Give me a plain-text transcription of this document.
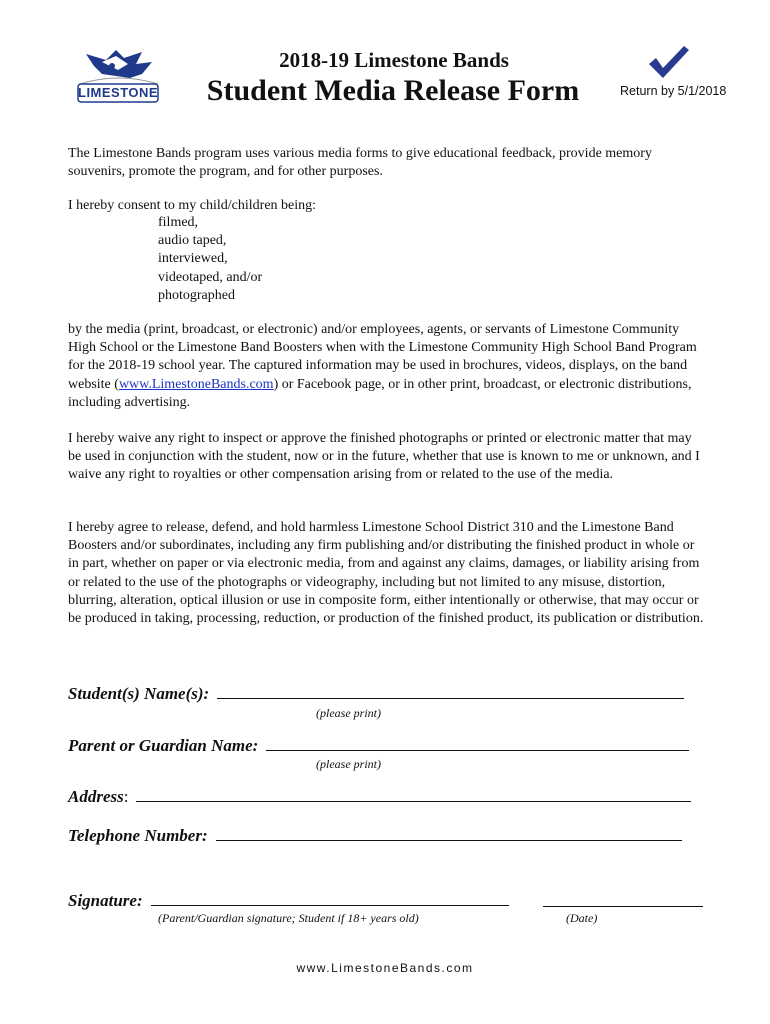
LIMESTONE
2018-19 Limestone Bands
Student Media Release Form	Return by 5/1/2018
The Limestone Bands program uses various media forms to give educational feedback, provide memory souvenirs, promote the program, and for other purposes.
I hereby consent to my child/children being:
filmed,
audio taped,
interviewed,
videotaped, and/or
photographed
by the media (print, broadcast, or electronic) and/or employees, agents, or servants of Limestone Community High School or the Limestone Band Boosters when with the Limestone Community High School Band Program for the 2018-19 school year. The captured information may be used in brochures, videos, displays, on the band website (www.LimestoneBands.com) or Facebook page, or in other print, broadcast, or electronic distributions, including advertising.
I hereby waive any right to inspect or approve the finished photographs or printed or electronic matter that may be used in conjunction with the student, now or in the future, whether that use is known to me or unknown, and I waive any right to royalties or other compensation arising from or related to the use of the media.
I hereby agree to release, defend, and hold harmless Limestone School District 310 and the Limestone Band Boosters and/or subordinates, including any firm publishing and/or distributing the finished product in whole or in part, whether on paper or via electronic media, from and against any claims, damages, or liability arising from or related to the use of the photographs or videography, including but not limited to any misuse, distortion, blurring, alteration, optical illusion or use in composite form, either intentionally or otherwise, that may occur or be produced in taking, processing, reduction, or production of the finished product, its publication or distribution.
Student(s) Name(s):
(please print)
Parent or Guardian Name:
(please print)
Address:
Telephone Number:
Signature:
(Parent/Guardian signature; Student if 18+ years old)	(Date)
www.LimestoneBands.com
